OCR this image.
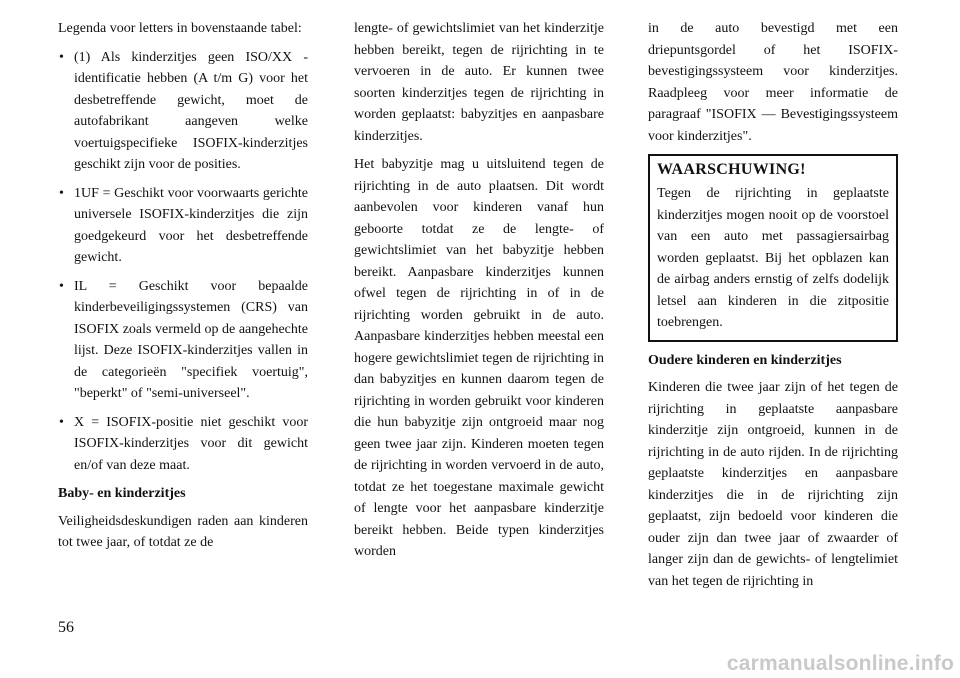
Legenda voor letters in bovenstaande tabel:

• (1) Als kinderzitjes geen ISO/XX -identificatie hebben (A t/m G) voor het desbetreffende gewicht, moet de autofabrikant aangeven welke voertuigspecifieke ISOFIX-kinderzitjes geschikt zijn voor de posities.
• 1UF = Geschikt voor voorwaarts gerichte universele ISOFIX-kinderzitjes die zijn goedgekeurd voor het desbetreffende gewicht.
• IL = Geschikt voor bepaalde kinderbeveiligingssystemen (CRS) van ISOFIX zoals vermeld op de aangehechte lijst. Deze ISOFIX-kinderzitjes vallen in de categorieën "specifiek voertuig", "beperkt" of "semi-universeel".
• X = ISOFIX-positie niet geschikt voor ISOFIX-kinderzitjes voor dit gewicht en/of van deze maat.

Baby- en kinderzitjes

Veiligheidsdeskundigen raden aan kinderen tot twee jaar, of totdat ze de

lengte- of gewichtslimiet van het kinderzitje hebben bereikt, tegen de rijrichting in te vervoeren in de auto. Er kunnen twee soorten kinderzitjes tegen de rijrichting in worden geplaatst: babyzitjes en aanpasbare kinderzitjes.

Het babyzitje mag u uitsluitend tegen de rijrichting in de auto plaatsen. Dit wordt aanbevolen voor kinderen vanaf hun geboorte totdat ze de lengte- of gewichtslimiet van het babyzitje hebben bereikt. Aanpasbare kinderzitjes kunnen ofwel tegen de rijrichting in of in de rijrichting worden gebruikt in de auto. Aanpasbare kinderzitjes hebben meestal een hogere gewichtslimiet tegen de rijrichting in dan babyzitjes en kunnen daarom tegen de rijrichting in worden gebruikt voor kinderen die hun babyzitje zijn ontgroeid maar nog geen twee jaar zijn. Kinderen moeten tegen de rijrichting in worden vervoerd in de auto, totdat ze het toegestane maximale gewicht of lengte voor het aanpasbare kinderzitje bereikt hebben. Beide typen kinderzitjes worden

in de auto bevestigd met een driepuntsgordel of het ISOFIX-bevestigingssysteem voor kinderzitjes. Raadpleeg voor meer informatie de paragraaf "ISOFIX — Bevestigingssysteem voor kinderzitjes".

WAARSCHUWING!

Tegen de rijrichting in geplaatste kinderzitjes mogen nooit op de voorstoel van een auto met passagiersairbag worden geplaatst. Bij het opblazen kan de airbag anders ernstig of zelfs dodelijk letsel aan kinderen in die zitpositie toebrengen.

Oudere kinderen en kinderzitjes

Kinderen die twee jaar zijn of het tegen de rijrichting in geplaatste aanpasbare kinderzitje zijn ontgroeid, kunnen in de rijrichting in de auto rijden. In de rijrichting geplaatste kinderzitjes en aanpasbare kinderzitjes die in de rijrichting zijn geplaatst, zijn bedoeld voor kinderen die ouder zijn dan twee jaar of zwaarder of langer zijn dan de gewichts- of lengtelimiet van het tegen de rijrichting in

56
carmanualsonline.info
